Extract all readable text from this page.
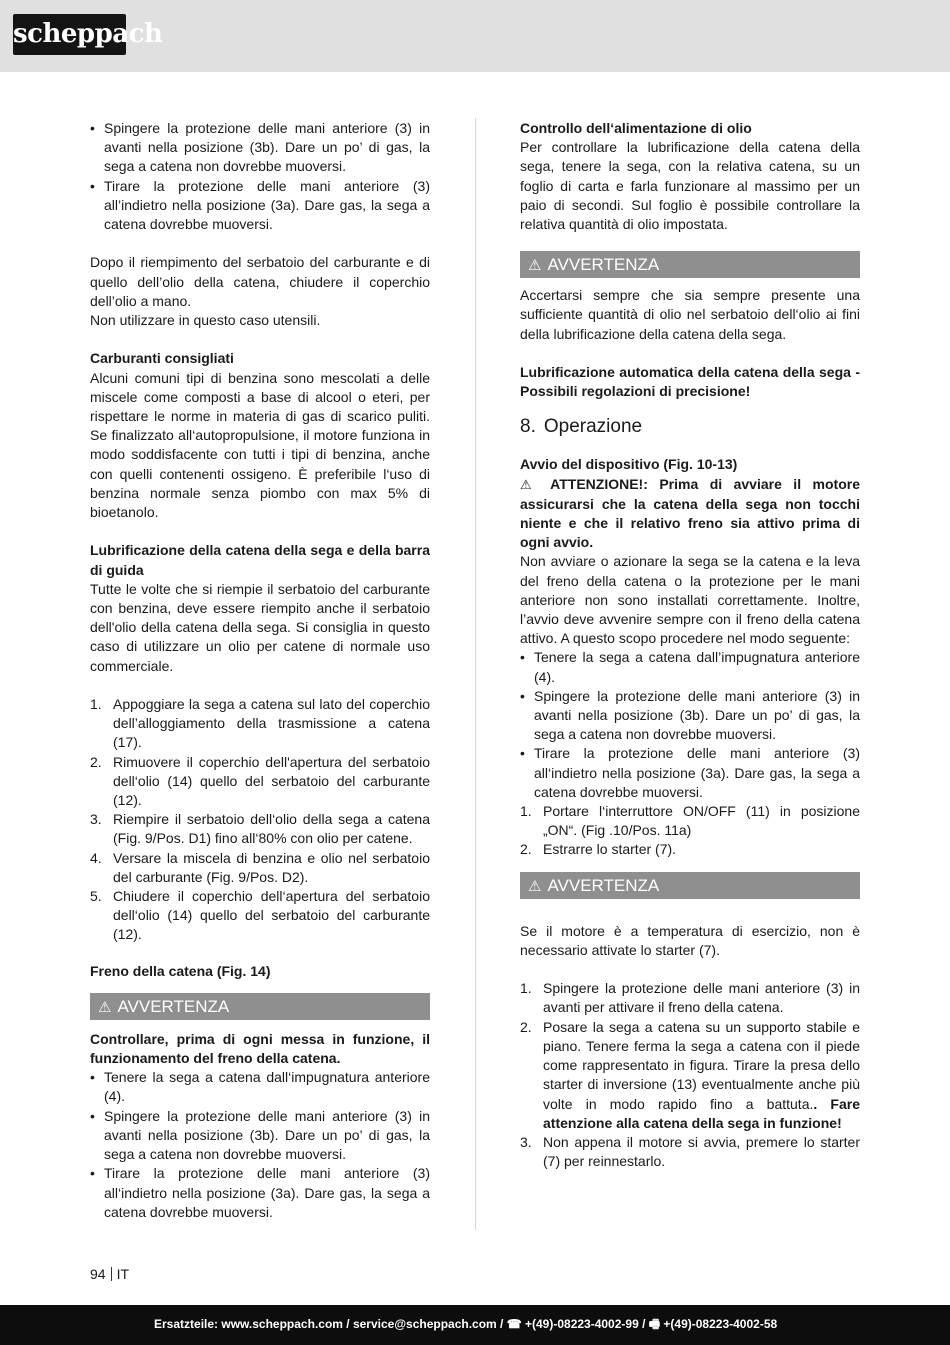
scheppach
• Spingere la protezione delle mani anteriore (3) in avanti nella posizione (3b). Dare un po’ di gas, la sega a catena non dovrebbe muoversi.
• Tirare la protezione delle mani anteriore (3) all’indietro nella posizione (3a). Dare gas, la sega a catena dovrebbe muoversi.

Dopo il riempimento del serbatoio del carburante e di quello dell’olio della catena, chiudere il coperchio dell’olio a mano.

Non utilizzare in questo caso utensili.

Carburanti consigliati

Alcuni comuni tipi di benzina sono mescolati a delle miscele come composti a base di alcool o eteri, per rispettare le norme in materia di gas di scarico puliti. Se finalizzato all‘autopropulsione, il motore funziona in modo soddisfacente con tutti i tipi di benzina, anche con quelli contenenti ossigeno. È preferibile l‘uso di benzina normale senza piombo con max 5% di bioetanolo.

Lubrificazione della catena della sega e della barra di guida

Tutte le volte che si riempie il serbatoio del carburante con benzina, deve essere riempito anche il serbatoio dell'olio della catena della sega. Si consiglia in questo caso di utilizzare un olio per catene di normale uso commerciale.

1. Appoggiare la sega a catena sul lato del coperchio dell’alloggiamento della trasmissione a catena (17).
2. Rimuovere il coperchio dell'apertura del serbatoio dell‘olio (14) quello del serbatoio del carburante (12).
3. Riempire il serbatoio dell‘olio della sega a catena (Fig. 9/Pos. D1) fino all‘80% con olio per catene.
4. Versare la miscela di benzina e olio nel serbatoio del carburante (Fig. 9/Pos. D2).
5. Chiudere il coperchio dell‘apertura del serbatoio dell‘olio (14) quello del serbatoio del carburante (12).

Freno della catena (Fig. 14)

⚠ AVVERTENZA

Controllare, prima di ogni messa in funzione, il funzionamento del freno della catena.

• Tenere la sega a catena dall‘impugnatura anteriore (4).
• Spingere la protezione delle mani anteriore (3) in avanti nella posizione (3b). Dare un po’ di gas, la sega a catena non dovrebbe muoversi.
• Tirare la protezione delle mani anteriore (3) all‘indietro nella posizione (3a). Dare gas, la sega a catena dovrebbe muoversi.

Controllo dell‘alimentazione di olio

Per controllare la lubrificazione della catena della sega, tenere la sega, con la relativa catena, su un foglio di carta e farla funzionare al massimo per un paio di secondi. Sul foglio è possibile controllare la relativa quantità di olio impostata.

⚠ AVVERTENZA

Accertarsi sempre che sia sempre presente una sufficiente quantità di olio nel serbatoio dell‘olio ai fini della lubrificazione della catena della sega.

Lubrificazione automatica della catena della sega - Possibili regolazioni di precisione!

8. Operazione

Avvio del dispositivo (Fig. 10-13)

⚠ ATTENZIONE!: Prima di avviare il motore assicurarsi che la catena della sega non tocchi niente e che il relativo freno sia attivo prima di ogni avvio.

Non avviare o azionare la sega se la catena e la leva del freno della catena o la protezione per le mani anteriore non sono installati correttamente. Inoltre, l’avvio deve avvenire sempre con il freno della catena attivo. A questo scopo procedere nel modo seguente:

• Tenere la sega a catena dall’impugnatura anteriore (4).
• Spingere la protezione delle mani anteriore (3) in avanti nella posizione (3b). Dare un po’ di gas, la sega a catena non dovrebbe muoversi.
• Tirare la protezione delle mani anteriore (3) all‘indietro nella posizione (3a). Dare gas, la sega a catena dovrebbe muoversi.
1. Portare l‘interruttore ON/OFF (11) in posizione „ON“. (Fig .10/Pos. 11a)
2. Estrarre lo starter (7).
⚠ AVVERTENZA

Se il motore è a temperatura di esercizio, non è necessario attivate lo starter (7).

1. Spingere la protezione delle mani anteriore (3) in avanti per attivare il freno della catena.
2. Posare la sega a catena su un supporto stabile e piano. Tenere ferma la sega a catena con il piede come rappresentato in figura. Tirare la presa dello starter di inversione (13) eventualmente anche più volte in modo rapido fino a battuta.. Fare attenzione alla catena della sega in funzione!
3. Non appena il motore si avvia, premere lo starter (7) per reinnestarlo.
94 IT
Ersatzteile: www.scheppach.com / service@scheppach.com / ☎ +(49)-08223-4002-99 / 🖷 +(49)-08223-4002-58
